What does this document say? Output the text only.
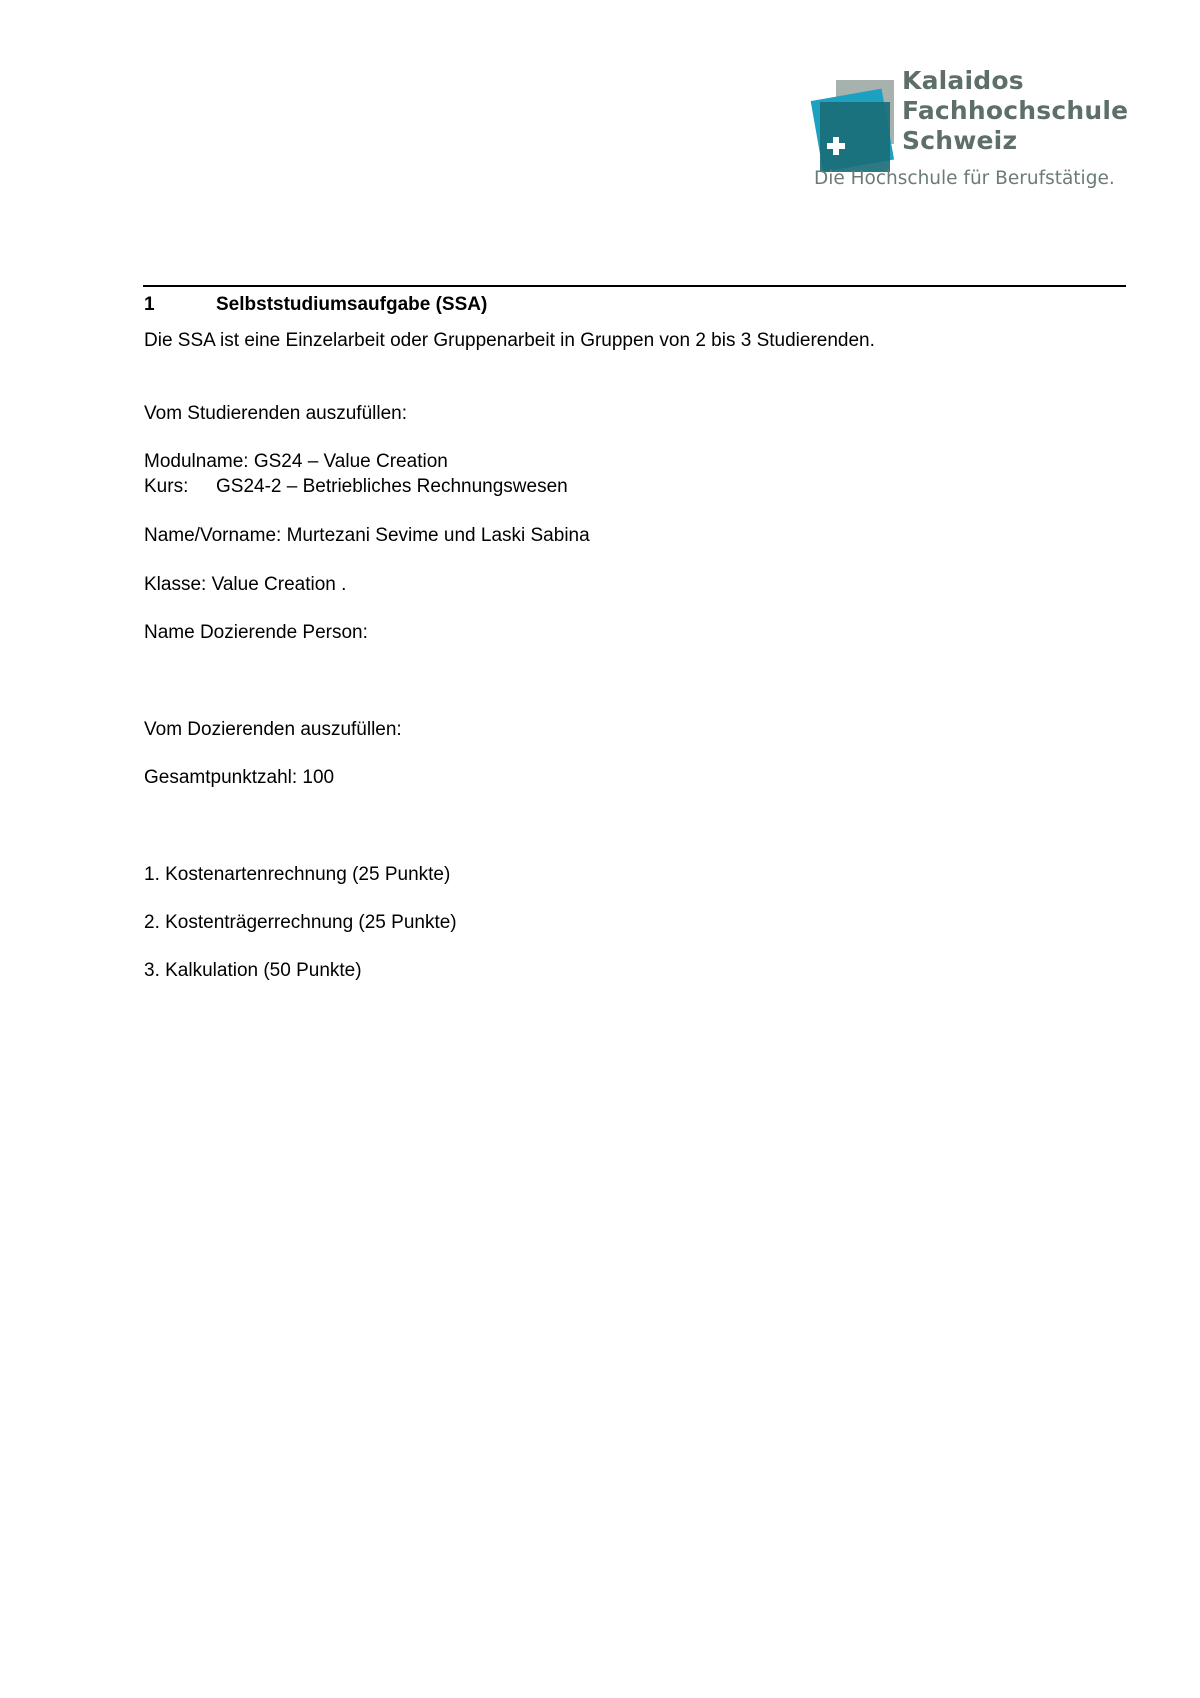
Kalaidos
Fachhochschule
Schweiz
Die Hochschule für Berufstätige.
1	Selbststudiumsaufgabe (SSA)
Die SSA ist eine Einzelarbeit oder Gruppenarbeit in Gruppen von 2 bis 3 Studierenden.
Vom Studierenden auszufüllen:
Modulname: GS24 – Value Creation
Kurs: GS24-2 – Betriebliches Rechnungswesen
Name/Vorname: Murtezani Sevime und Laski Sabina
Klasse: Value Creation .
Name Dozierende Person:
Vom Dozierenden auszufüllen:
Gesamtpunktzahl: 100
1. Kostenartenrechnung (25 Punkte)
2. Kostenträgerrechnung (25 Punkte)
3. Kalkulation (50 Punkte)
